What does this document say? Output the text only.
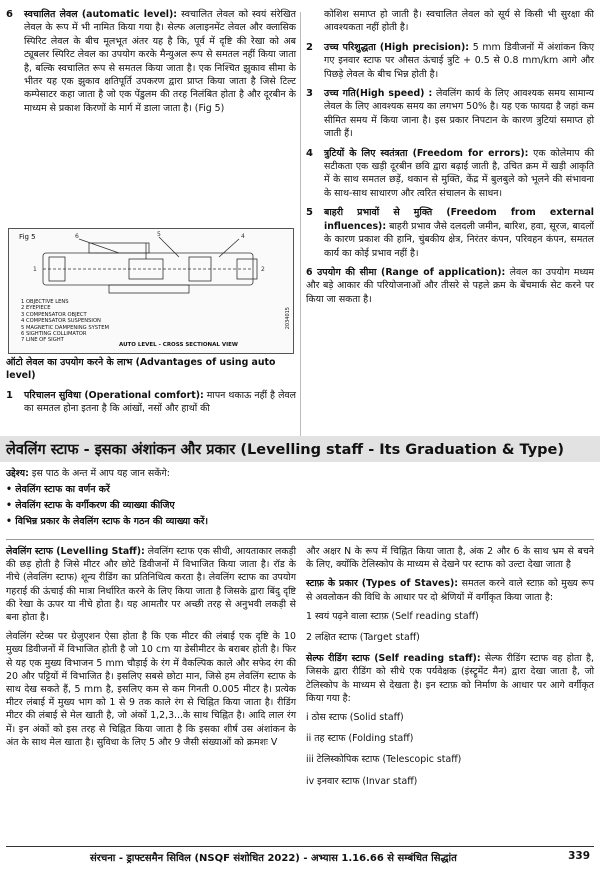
6	स्वचालित लेवल (automatic level): स्वचालित लेवल को स्वयं संरेखित लेवल के रूप में भी नामित किया गया है। सेल्फ अलाइनमेंट लेवल और क्लासिक स्पिरिट लेवल के बीच मूलभूत अंतर यह है कि, पूर्व में दृष्टि की रेखा को अब ट्यूबलर स्पिरिट लेवल का उपयोग करके मैन्युअल रूप से समतल नहीं किया जाता है, बल्कि स्वचालित रूप से समतल किया जाता है। एक निश्चित झुकाव सीमा के भीतर यह एक झुकाव क्षतिपूर्ति उपकरण द्वारा प्राप्त किया जाता है जिसे टिल्ट कम्पेसाटर कहा जाता है जो एक पेंडुलम की तरह निलंबित होता है और दूरबीन के माध्यम से प्रकाश किरणों के मार्ग में डाला जाता है। (Fig 5)
6	5	4
1	2
Fig 5
1 OBJECTIVE LENS
2 EYEPIECE
3 COMPENSATOR OBJECT
4 COMPENSATOR SUSPENSION
5 MAGNETIC DAMPENING SYSTEM
6 SIGHTING COLLIMATOR
7 LINE OF SIGHT
AUTO LEVEL - CROSS SECTIONAL VIEW
2034015
ऑटो लेवल का उपयोग करने के लाभ (Advantages of using auto level)
1	परिचालन सुविधा (Operational comfort): मापन थकाऊ नहीं है लेवल का समतल होना इतना है कि आंखों, नसों और हाथों की
कोशिश समाप्त हो जाती है। स्वचालित लेवल को सूर्य से किसी भी सुरक्षा की आवश्यकता नहीं होती है।
2	उच्च परिशुद्धता (High precision): 5 mm डिवीजनों में अंशांकन किए गए इनवार स्टाफ पर औसत ऊंचाई त्रुटि + 0.5 से 0.8 mm/km आगे और पिछड़े लेवल के बीच भिन्न होती है।
3	उच्च गति(High speed) : लेवलिंग कार्य के लिए आवश्यक समय सामान्य लेवल के लिए आवश्यक समय का लगभग 50% है। यह एक फायदा है जहां कम सीमित समय में किया जाना है। इस प्रकार निपटान के कारण त्रुटियां समाप्त हो जाती हैं।
4	त्रुटियों के लिए स्वतंत्रता (Freedom for errors): एक कोलेमाप की सटीकता एक खड़ी दूरबीन छवि द्वारा बढ़ाई जाती है, उचित क्रम में खड़ी आकृति में के साथ समतल छड़ें, थकान से मुक्ति, केंद्र में बुलबुले को भूलने की संभावना के साथ-साथ साधारण और त्वरित संचालन के साधन।
5	बाहरी प्रभावों से मुक्ति (Freedom from external influences): बाहरी प्रभाव जैसे दलदली जमीन, बारिश, हवा, सूरज, बादलों के कारण प्रकाश की हानि, चुंबकीय क्षेत्र, निरंतर कंपन, परिवहन कंपन, समतल कार्य का कोई प्रभाव नहीं है।
6 उपयोग की सीमा (Range of application): लेवल का उपयोग मध्यम और बड़े आकार की परियोजनाओं और तीसरे से पहले क्रम के बेंचमार्क सेट करने पर किया जा सकता है।
लेवलिंग स्टाफ - इसका अंशांकन और प्रकार (Levelling staff - Its Graduation & Type)
उद्देश्य: इस पाठ के अन्त में आप यह जान सकेंगे:
• लेवलिंग स्टाफ का वर्णन करें
• लेवलिंग स्टाफ के वर्गीकरण की व्याख्या कीजिए
• विभिन्न प्रकार के लेवलिंग स्टाफ के गठन की व्याख्या करें।

लेवलिंग स्टाफ (Levelling Staff): लेवलिंग स्टाफ एक सीधी, आयताकार लकड़ी की छड़ होती है जिसे मीटर और छोटे डिवीजनों में विभाजित किया जाता है। रॉड के नीचे (लेवलिंग स्टाफ) शून्य रीडिंग का प्रतिनिधित्व करता है। लेवलिंग स्टाफ का उपयोग गहराई की ऊंचाई की मात्रा निर्धारित करने के लिए किया जाता है जिसके द्वारा बिंदु दृष्टि की रेखा के ऊपर या नीचे होता है। यह आमतौर पर अच्छी तरह से अनुभवी लकड़ी से बना होता है।

लेवलिंग स्टेव्स पर ग्रेजुएशन ऐसा होता है कि एक मीटर की लंबाई एक दृष्टि के 10 मुख्य डिवीजनों में विभाजित होती है जो 10 cm या डेसीमीटर के बराबर होती है। फिर से यह एक मुख्य विभाजन 5 mm चौड़ाई के रंग में वैकल्पिक काले और सफेद रंग की 20 और पट्टियों में विभाजित है। इसलिए सबसे छोटा मान, जिसे हम लेवलिंग स्टाफ के साथ देख सकते हैं, 5 mm है, इसलिए कम से कम गिनती 0.005 मीटर है। प्रत्येक मीटर लंबाई में मुख्य भाग को 1 से 9 तक काले रंग से चिह्नित किया जाता है। रीडिंग मीटर की लंबाई से मेल खाती है, जो अंकों 1,2,3...के साथ चिह्नित है। आदि लाल रंग में। इन अंकों को इस तरह से चिह्नित किया जाता है कि इसका शीर्ष उस अंशांकन के अंत के साथ मेल खाता है। सुविधा के लिए 5 और 9 जैसी संख्याओं को क्रमशः V

और अक्षर N के रूप में चिह्नित किया जाता है, अंक 2 और 6 के साथ भ्रम से बचने के लिए, क्योंकि टेलिस्कोप के माध्यम से देखने पर स्टाफ को उल्टा देखा जाता है

स्टाफ़ के प्रकार (Types of Staves): समतल करने वाले स्टाफ़ को मुख्य रूप से अवलोकन की विधि के आधार पर दो श्रेणियों में वर्गीकृत किया जाता है:

1 स्वयं पढ़ने वाला स्टाफ़ (Self reading staff)
2 लक्षित स्टाफ (Target staff)

सेल्फ रीडिंग स्टाफ (Self reading staff): सेल्फ रीडिंग स्टाफ वह होता है, जिसके द्वारा रीडिंग को सीधे एक पर्यवेक्षक (इंस्ट्रूमेंट मैन) द्वारा देखा जाता है, जो टेलिस्कोप के माध्यम से देखता है। इन स्टाफ़ को निर्माण के आधार पर आगे वर्गीकृत किया गया है:

i ठोस स्टाफ (Solid staff)
ii तह स्टाफ (Folding staff)
iii टेलिस्कोपिक स्टाफ (Telescopic staff)
iv इनवार स्टाफ (Invar staff)
संरचना - ड्राफ्टसमैन सिविल (NSQF संशोधित 2022) - अभ्यास 1.16.66 से सम्बंधित सिद्धांत	339
